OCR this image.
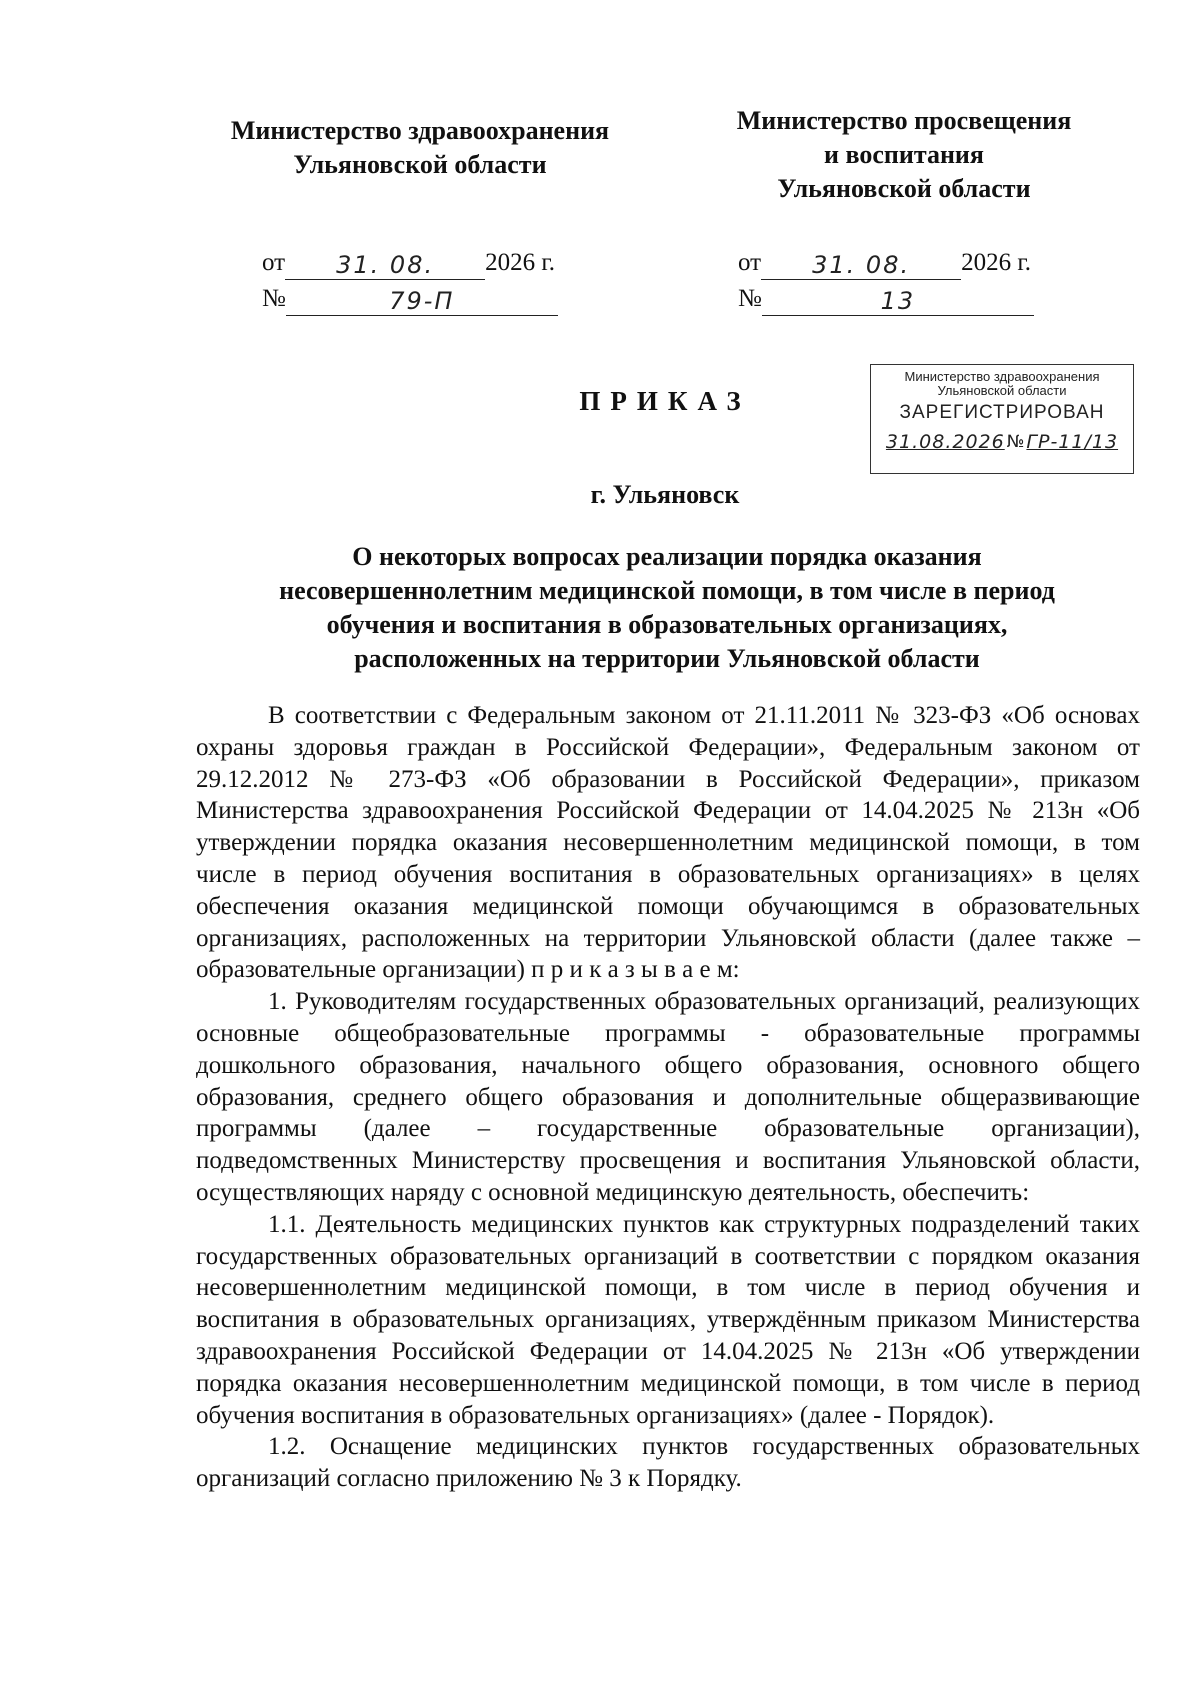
Министерство здравоохранения
Ульяновской области
Министерство просвещения
и воспитания
Ульяновской области
от	31. 08.	2026 г.
№	79-П
от	31. 08.	2026 г.
№	13
Министерство здравоохранения
Ульяновской области
ЗАРЕГИСТРИРОВАН
31.08.2026 № ГР-11/13
ПРИКАЗ
г. Ульяновск
О некоторых вопросах реализации порядка оказания
несовершеннолетним медицинской помощи, в том числе в период
обучения и воспитания в образовательных организациях,
расположенных на территории Ульяновской области

В соответствии с Федеральным законом от 21.11.2011 № 323-ФЗ «Об основах охраны здоровья граждан в Российской Федерации», Федеральным законом от 29.12.2012 № 273-ФЗ «Об образовании в Российской Федерации», приказом Министерства здравоохранения Российской Федерации от 14.04.2025 № 213н «Об утверждении порядка оказания несовершеннолетним медицинской помощи, в том числе в период обучения воспитания в образовательных организациях» в целях обеспечения оказания медицинской помощи обучающимся в образовательных организациях, расположенных на территории Ульяновской области (далее также – образовательные организации) п р и к а з ы в а е м:

1. Руководителям государственных образовательных организаций, реализующих основные общеобразовательные программы - образовательные программы дошкольного образования, начального общего образования, основного общего образования, среднего общего образования и дополнительные общеразвивающие программы (далее – государственные образовательные организации), подведомственных Министерству просвещения и воспитания Ульяновской области, осуществляющих наряду с основной медицинскую деятельность, обеспечить:

1.1. Деятельность медицинских пунктов как структурных подразделений таких государственных образовательных организаций в соответствии с порядком оказания несовершеннолетним медицинской помощи, в том числе в период обучения и воспитания в образовательных организациях, утверждённым приказом Министерства здравоохранения Российской Федерации от 14.04.2025 № 213н «Об утверждении порядка оказания несовершеннолетним медицинской помощи, в том числе в период обучения воспитания в образовательных организациях» (далее - Порядок).

1.2. Оснащение медицинских пунктов государственных образовательных организаций согласно приложению № 3 к Порядку.
